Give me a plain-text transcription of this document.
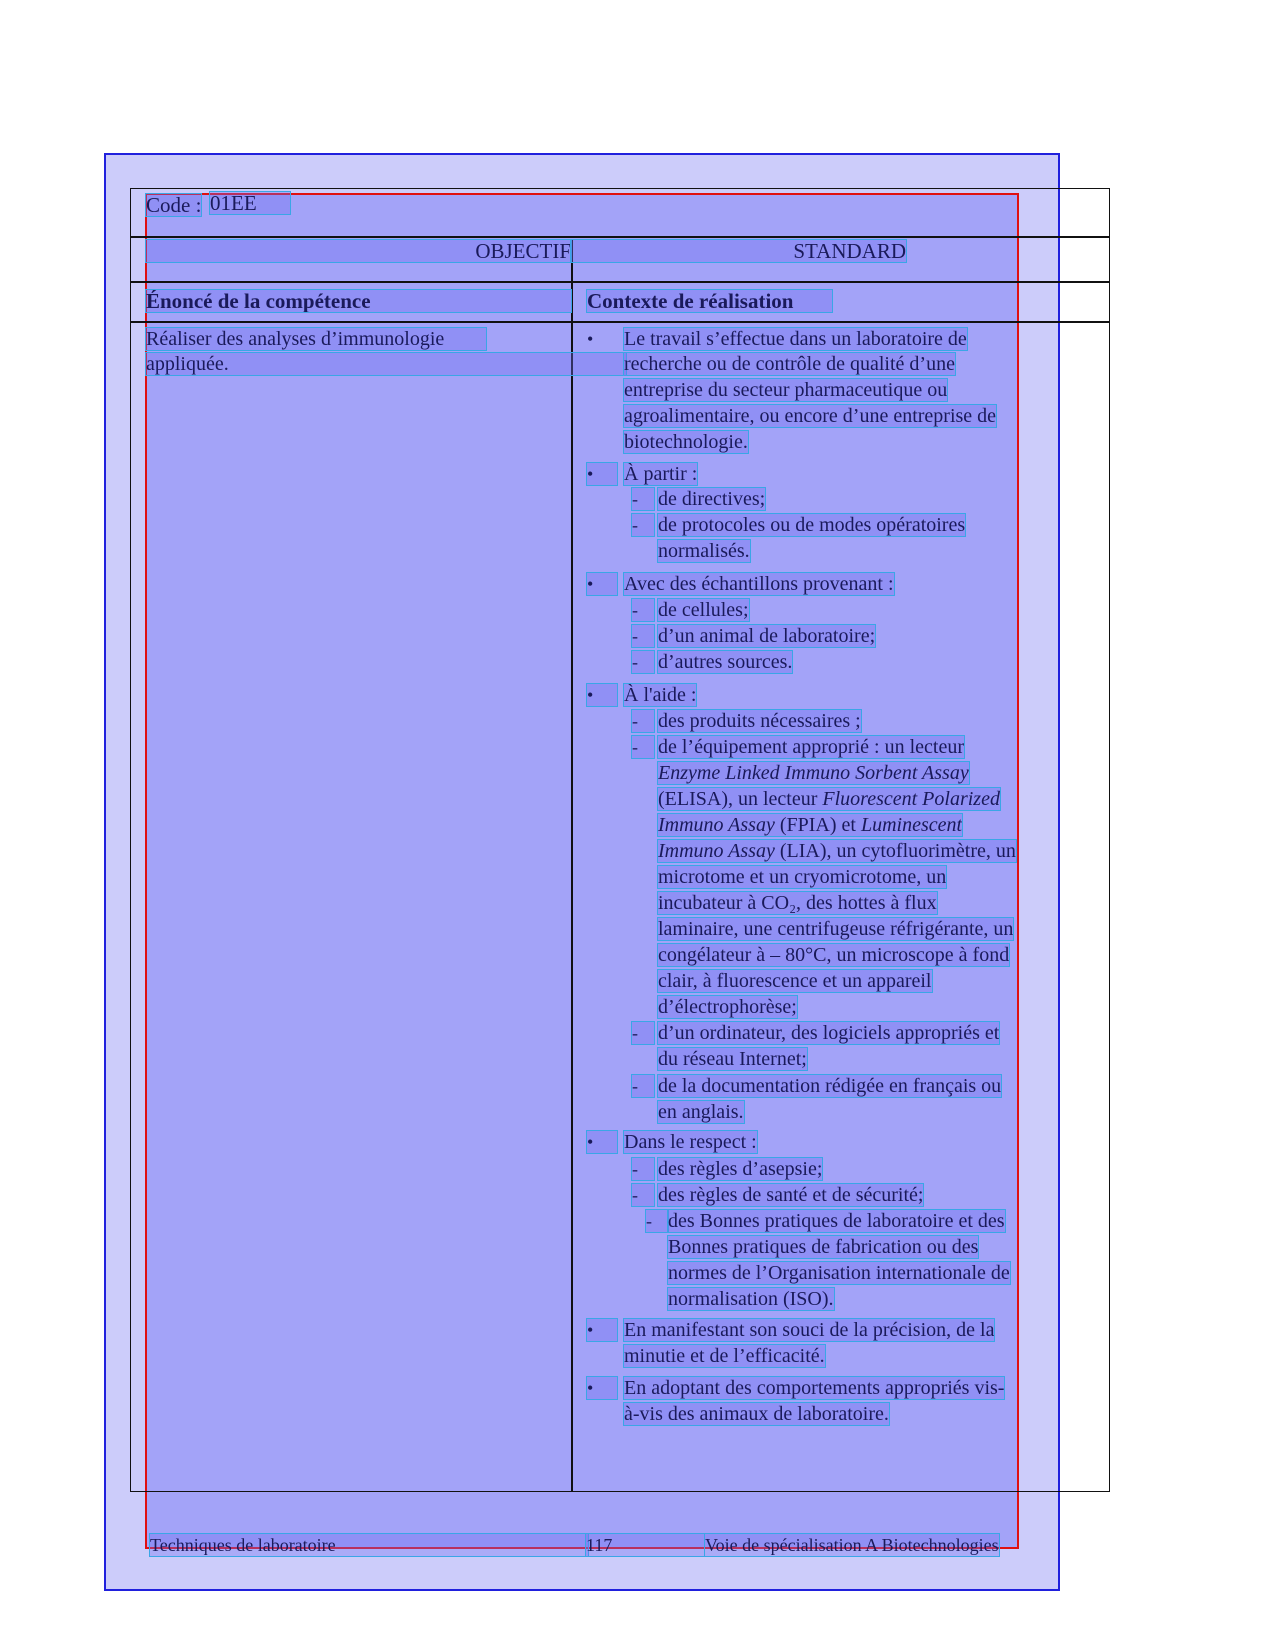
Code : 01EE
OBJECTIF	STANDARD
Énoncé de la compétence	Contexte de réalisation
Réaliser des analyses d’immunologie
appliquée.
•	Le travail s’effectue dans un laboratoire de
recherche ou de contrôle de qualité d’une
entreprise du secteur pharmaceutique ou
agroalimentaire, ou encore d’une entreprise de
biotechnologie.
•	À partir :
-	de directives;
-	de protocoles ou de modes opératoires
normalisés.
•	Avec des échantillons provenant :
-	de cellules;
-	d’un animal de laboratoire;
-	d’autres sources.
•	À l'aide :
-	des produits nécessaires ;
-	de l’équipement approprié : un lecteur
Enzyme Linked Immuno Sorbent Assay
(ELISA), un lecteur Fluorescent Polarized
Immuno Assay (FPIA) et Luminescent
Immuno Assay (LIA), un cytofluorimètre, un
microtome et un cryomicrotome, un
incubateur à CO₂, des hottes à flux
laminaire, une centrifugeuse réfrigérante, un
congélateur à – 80°C, un microscope à fond
clair, à fluorescence et un appareil
d’électrophorèse;
-	d’un ordinateur, des logiciels appropriés et
du réseau Internet;
-	de la documentation rédigée en français ou
en anglais.
•	Dans le respect :
-	des règles d’asepsie;
-	des règles de santé et de sécurité;
- des Bonnes pratiques de laboratoire et des
Bonnes pratiques de fabrication ou des
normes de l’Organisation internationale de
normalisation (ISO).
•	En manifestant son souci de la précision, de la
minutie et de l’efficacité.
•	En adoptant des comportements appropriés vis-
à-vis des animaux de laboratoire.
Techniques de laboratoire	117	Voie de spécialisation A Biotechnologies
